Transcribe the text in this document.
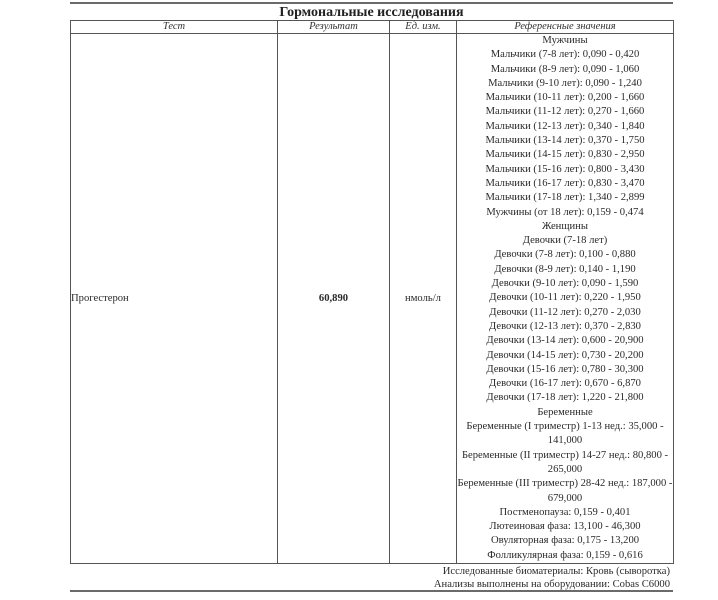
Гормональные исследования
Тест	Результат	Ед. изм.	Референсные значения
Прогестерон	60,890	нмоль/л	
Мужчины
Мальчики (7-8 лет): 0,090 - 0,420
Мальчики (8-9 лет): 0,090 - 1,060
Мальчики (9-10 лет): 0,090 - 1,240
Мальчики (10-11 лет): 0,200 - 1,660
Мальчики (11-12 лет): 0,270 - 1,660
Мальчики (12-13 лет): 0,340 - 1,840
Мальчики (13-14 лет): 0,370 - 1,750
Мальчики (14-15 лет): 0,830 - 2,950
Мальчики (15-16 лет): 0,800 - 3,430
Мальчики (16-17 лет): 0,830 - 3,470
Мальчики (17-18 лет): 1,340 - 2,899
Мужчины (от 18 лет): 0,159 - 0,474
Женщины
Девочки (7-18 лет)
Девочки (7-8 лет): 0,100 - 0,880
Девочки (8-9 лет): 0,140 - 1,190
Девочки (9-10 лет): 0,090 - 1,590
Девочки (10-11 лет): 0,220 - 1,950
Девочки (11-12 лет): 0,270 - 2,030
Девочки (12-13 лет): 0,370 - 2,830
Девочки (13-14 лет): 0,600 - 20,900
Девочки (14-15 лет): 0,730 - 20,200
Девочки (15-16 лет): 0,780 - 30,300
Девочки (16-17 лет): 0,670 - 6,870
Девочки (17-18 лет): 1,220 - 21,800
Беременные
Беременные (I триместр) 1-13 нед.: 35,000 - 141,000
Беременные (II триместр) 14-27 нед.: 80,800 - 265,000
Беременные (III триместр) 28-42 нед.: 187,000 - 679,000
Постменопауза: 0,159 - 0,401
Лютеиновая фаза: 13,100 - 46,300
Овуляторная фаза: 0,175 - 13,200
Фолликулярная фаза: 0,159 - 0,616
Исследованные биоматериалы: Кровь (сыворотка)
Анализы выполнены на оборудовании: Cobas C6000
